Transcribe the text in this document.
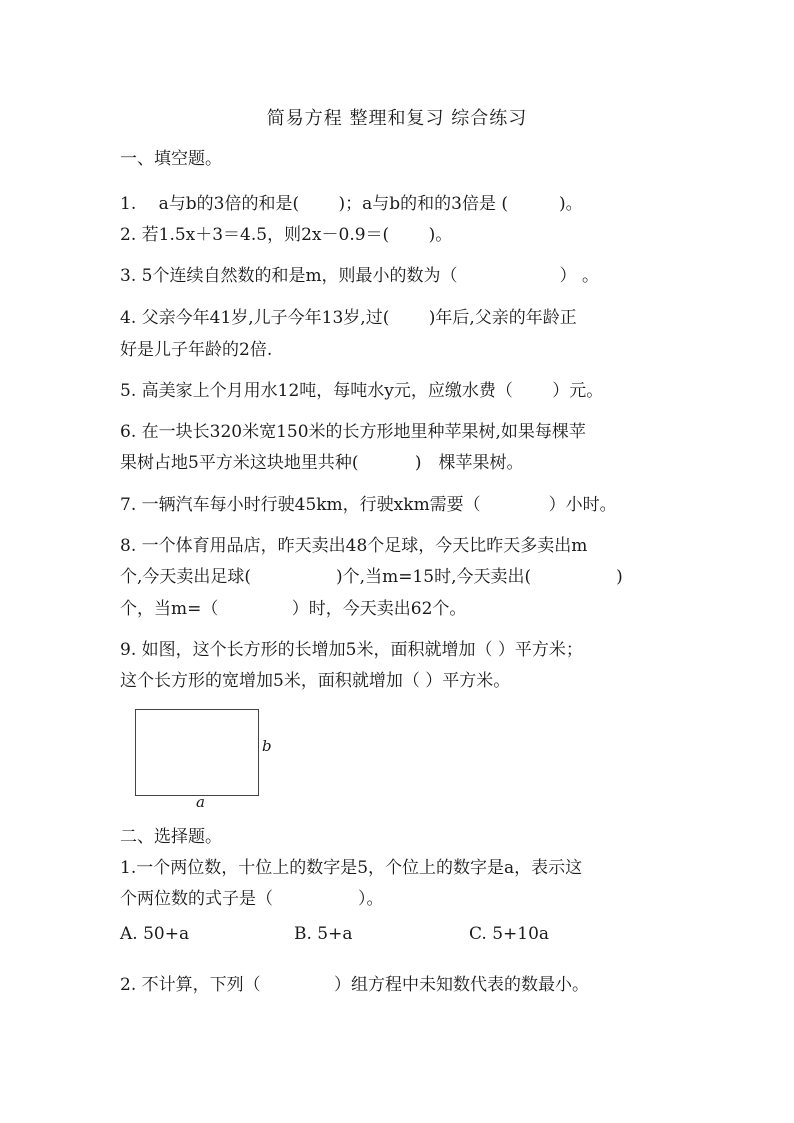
简易方程 整理和复习 综合练习
一、填空题。
1.　 a与b的3倍的和是(　　 )；a与b的和的3倍是 (　　　)。
2. 若1.5x＋3＝4.5，则2x－0.9＝(　　 )。
3. 5个连续自然数的和是m，则最小的数为（　　　　　　） 。
4. 父亲今年41岁,儿子今年13岁,过(　　 )年后,父亲的年龄正
好是儿子年龄的2倍.
5. 高美家上个月用水12吨，每吨水y元，应缴水费（　　 ）元。
6. 在一块长320米宽150米的长方形地里种苹果树,如果每棵苹
果树占地5平方米这块地里共种(　　　 )　棵苹果树。
7. 一辆汽车每小时行驶45km，行驶xkm需要（　　　　）小时。
8. 一个体育用品店，昨天卖出48个足球，今天比昨天多卖出m
个,今天卖出足球(　　　　　)个,当m=15时,今天卖出(　　　　　)
个，当m=（　　　　 ）时，今天卖出62个。
9. 如图，这个长方形的长增加5米，面积就增加（ ）平方米；
这个长方形的宽增加5米，面积就增加（ ）平方米。
b
a
二、选择题。
1.一个两位数，十位上的数字是5，个位上的数字是a，表示这
个两位数的式子是（　　　　　）。
A. 50+a	B. 5+a	C. 5+10a
2. 不计算，下列（　　　　 ）组方程中未知数代表的数最小。
